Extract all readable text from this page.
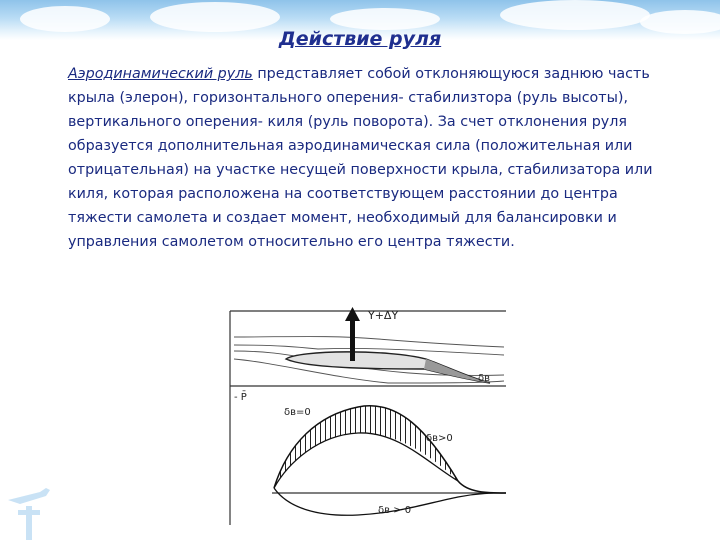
Действие руля

Аэродинамический руль представляет собой отклоняющуюся заднюю часть крыла (элерон), горизонтального оперения- стабилизтора (руль высоты), вертикального оперения- киля (руль поворота). За счет отклонения руля образуется дополнительная аэродинамическая сила (положительная или отрицательная) на участке несущей поверхности крыла, стабилизатора или киля, которая расположена на соответствующем расстоянии до центра тяжести самолета и создает момент, необходимый для балансировки и управления самолетом относительно его центра тяжести.

Y+ΔY
δв
- P̄
δв=0
δв>0
δв > 0
